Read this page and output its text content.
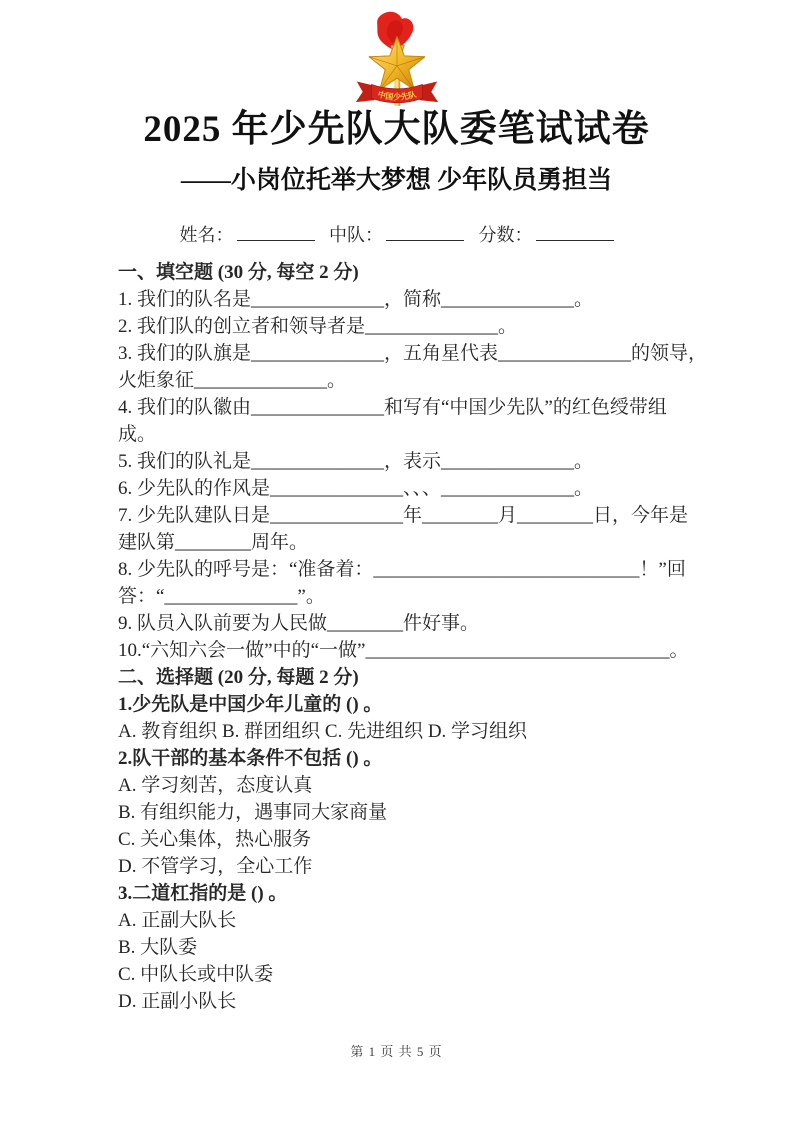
中国少先队
2025 年少先队大队委笔试试卷
——小岗位托举大梦想 少年队员勇担当
姓名：	中队：	分数：
一、填空题 (30 分, 每空 2 分)
1. 我们的队名是______________，简称______________。
2. 我们队的创立者和领导者是______________。
3. 我们的队旗是______________，五角星代表______________的领导，
火炬象征______________。
4. 我们的队徽由______________和写有“中国少先队”的红色绶带组
成。
5. 我们的队礼是______________，表示______________。
6. 少先队的作风是______________、、、______________。
7. 少先队建队日是______________年________月________日，今年是
建队第________周年。
8. 少先队的呼号是：“准备着：____________________________！”回
答：“______________”。
9. 队员入队前要为人民做________件好事。
10.“六知六会一做”中的“一做”________________________________。
二、选择题 (20 分, 每题 2 分)
1.少先队是中国少年儿童的 () 。
A. 教育组织 B. 群团组织 C. 先进组织 D. 学习组织
2.队干部的基本条件不包括 () 。
A. 学习刻苦，态度认真
B. 有组织能力，遇事同大家商量
C. 关心集体，热心服务
D. 不管学习，全心工作
3.二道杠指的是 () 。
A. 正副大队长
B. 大队委
C. 中队长或中队委
D. 正副小队长
第 1 页 共 5 页
